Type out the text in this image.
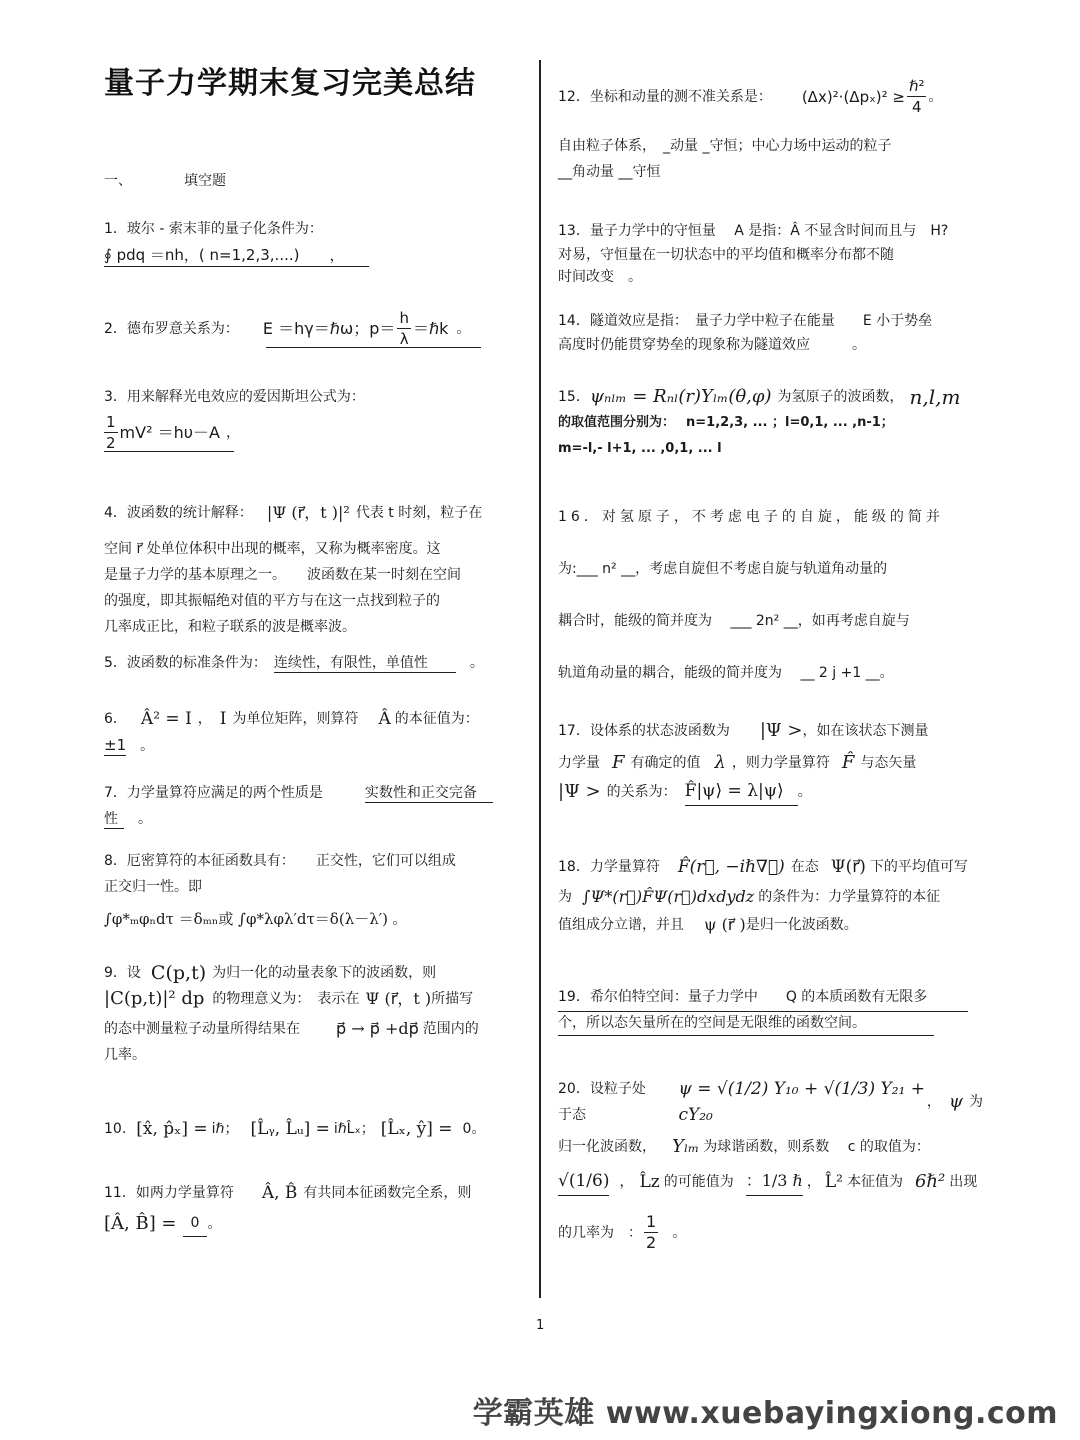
量子力学期末复习完美总结
一、	填空题

1．玻尔 - 索末菲的量子化条件为：

∮ pdq ＝nh，( n=1,2,3,....)　　 ，

2．德布罗意关系为： E ＝hγ＝ℏω；$p= \frac{h}{\lambda}$ ＝ℏk 。

3．用来解释光电效应的爱因斯坦公式为：

$\frac{1}{2} mV^2 =h\upsilon-A$ ，

4．波函数的统计解释： |Ψ (r⃗，t )|² 代表 t 时刻，粒子在

空间 r⃗ 处单位体积中出现的概率，又称为概率密度。这

是量子力学的基本原理之一。　　波函数在某一时刻在空间

的强度，即其振幅绝对值的平方与在这一点找到粒子的

几率成正比，和粒子联系的波是概率波。

5．波函数的标准条件为：　 连续性，有限性，单值性　	。

6． Â² = I ， I 为单位矩阵，则算符 Â 的本征值为：

±1　 。

7．力学量算符应满足的两个性质是　　　	实数性和正交完备

性　 。

8．厄密算符的本征函数具有：　　正交性，它们可以组成

正交归一性。即

∫φ*ₘφₙdτ ＝δₘₙ或 ∫φ*λφλ′dτ＝δ(λ－λ′) 。

9．设 C(p,t) 为归一化的动量表象下的波函数，则

|C(p,t)|² dp 的物理意义为：　表示在 Ψ (r⃗，t ) 所描写

的态中测量粒子动量所得结果在 p⃗ → p⃗ +dp⃗ 范围内的

几率。

10. [x̂, p̂ₓ] = iℏ ； [L̂ᵧ, L̂ᵤ] = iℏL̂ₓ ； [L̂ₓ, ŷ] = 0 。

11．如两力学量算符 Â, B̂ 有共同本征函数完全系，则

[Â, B̂] =	0 。

12．坐标和动量的测不准关系是： $(\Delta x)^2\cdot(\Delta p_x)^2 \ge \frac{\text{ℏ²}}{4}$ 。

自由粒子体系，　_动量 _守恒；中心力场中运动的粒子

__角动量 __守恒

13．量子力学中的守恒量　 A 是指：Â 不显含时间而且与　H?

对易，守恒量在一切状态中的平均值和概率分布都不随

时间改变　。

14．隧道效应是指：　量子力学中粒子在能量　　E 小于势垒

高度时仍能贯穿势垒的现象称为隧道效应　　　。

15． ψₙₗₘ = Rₙₗ(r)Yₗₘ(θ,φ) 为氢原子的波函数， n,l,m

的取值范围分别为：　 n=1,2,3, ... ；l=0,1, ... ,n-1；

m=-l,- l+1, ... ,0,1, ... l

16．对氢原子，不考虑电子的自旋，能级的简并

为:___ n² __，考虑自旋但不考虑自旋与轨道角动量的

耦合时，能级的简并度为　 ___ 2n² __，如再考虑自旋与

轨道角动量的耦合，能级的简并度为　 __ 2 j +1 __。

17．设体系的状态波函数为 |Ψ > ，如在该状态下测量

力学量 F 有确定的值 λ ，则力学量算符 F̂ 与态矢量

|Ψ > 的关系为： F̂|ψ⟩ = λ|ψ⟩	。

18．力学量算符 F̂(r⃗, −iℏ∇⃗) 在态 Ψ(r⃗) 下的平均值可写

为 ∫Ψ*(r⃗)F̂Ψ(r⃗)dxdydz 的条件为：力学量算符的本征

值组成分立谱，并且 ψ (r⃗ ) 是归一化波函数。

19．希尔伯特空间：量子力学中　　Q 的本质函数有无限多

个，所以态矢量所在的空间是无限维的函数空间。

20．设粒子处于态
ψ = √(1/2) Y₁₀ + √(1/3) Y₂₁ + cY₂₀
， ψ 为

归一化波函数， Yₗₘ 为球谐函数，则系数　 c 的取值为：

√(1/6) ， L̂z 的可能值为 ：1/3 ℏ ， L̂² 本征值为 6ℏ² 出现

的几率为 ： $\frac{1}{2}$ 。

1
学霸英雄 www.xuebayingxiong.com
